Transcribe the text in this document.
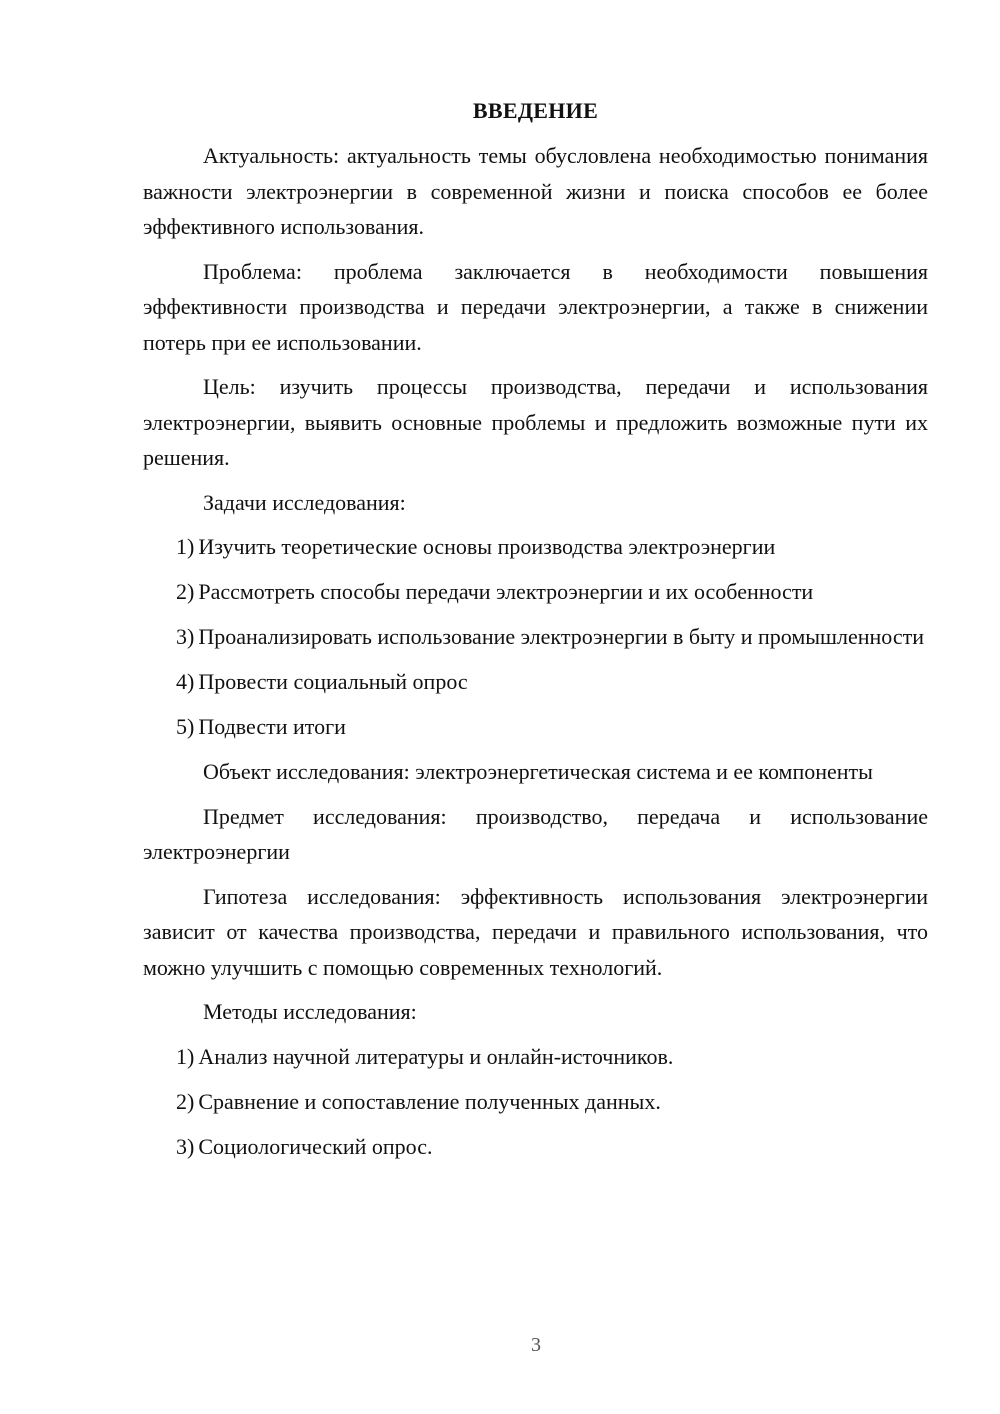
ВВЕДЕНИЕ

Актуальность: актуальность темы обусловлена необходимостью понимания важности электроэнергии в современной жизни и поиска способов ее более эффективного использования.

Проблема: проблема заключается в необходимости повышения эффективности производства и передачи электроэнергии, а также в снижении потерь при ее использовании.

Цель: изучить процессы производства, передачи и использования электроэнергии, выявить основные проблемы и предложить возможные пути их решения.

Задачи исследования:

1) Изучить теоретические основы производства электроэнергии

2) Рассмотреть способы передачи электроэнергии и их особенности

3) Проанализировать использование электроэнергии в быту и промышленности

4) Провести социальный опрос

5) Подвести итоги

Объект исследования: электроэнергетическая система и ее компоненты

Предмет исследования: производство, передача и использование электроэнергии

Гипотеза исследования: эффективность использования электроэнергии зависит от качества производства, передачи и правильного использования, что можно улучшить с помощью современных технологий.

Методы исследования:

1) Анализ научной литературы и онлайн-источников.

2) Сравнение и сопоставление полученных данных.

3) Социологический опрос.

3
